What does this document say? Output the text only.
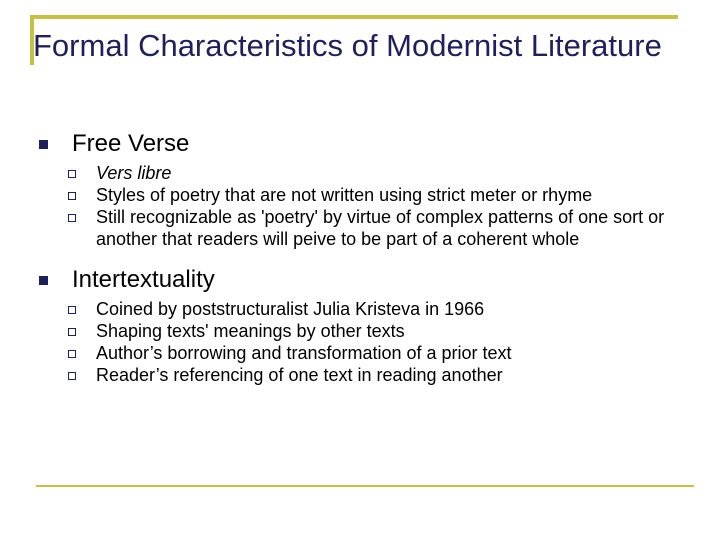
Formal Characteristics of Modernist Literature
Free Verse
Vers libre
Styles of poetry that are not written using strict meter or rhyme
Still recognizable as 'poetry' by virtue of complex patterns of one sort or another that readers will peive to be part of a coherent whole
Intertextuality
Coined by poststructuralist Julia Kristeva in 1966
Shaping texts' meanings by other texts
Author’s borrowing and transformation of a prior text
Reader’s referencing of one text in reading another
